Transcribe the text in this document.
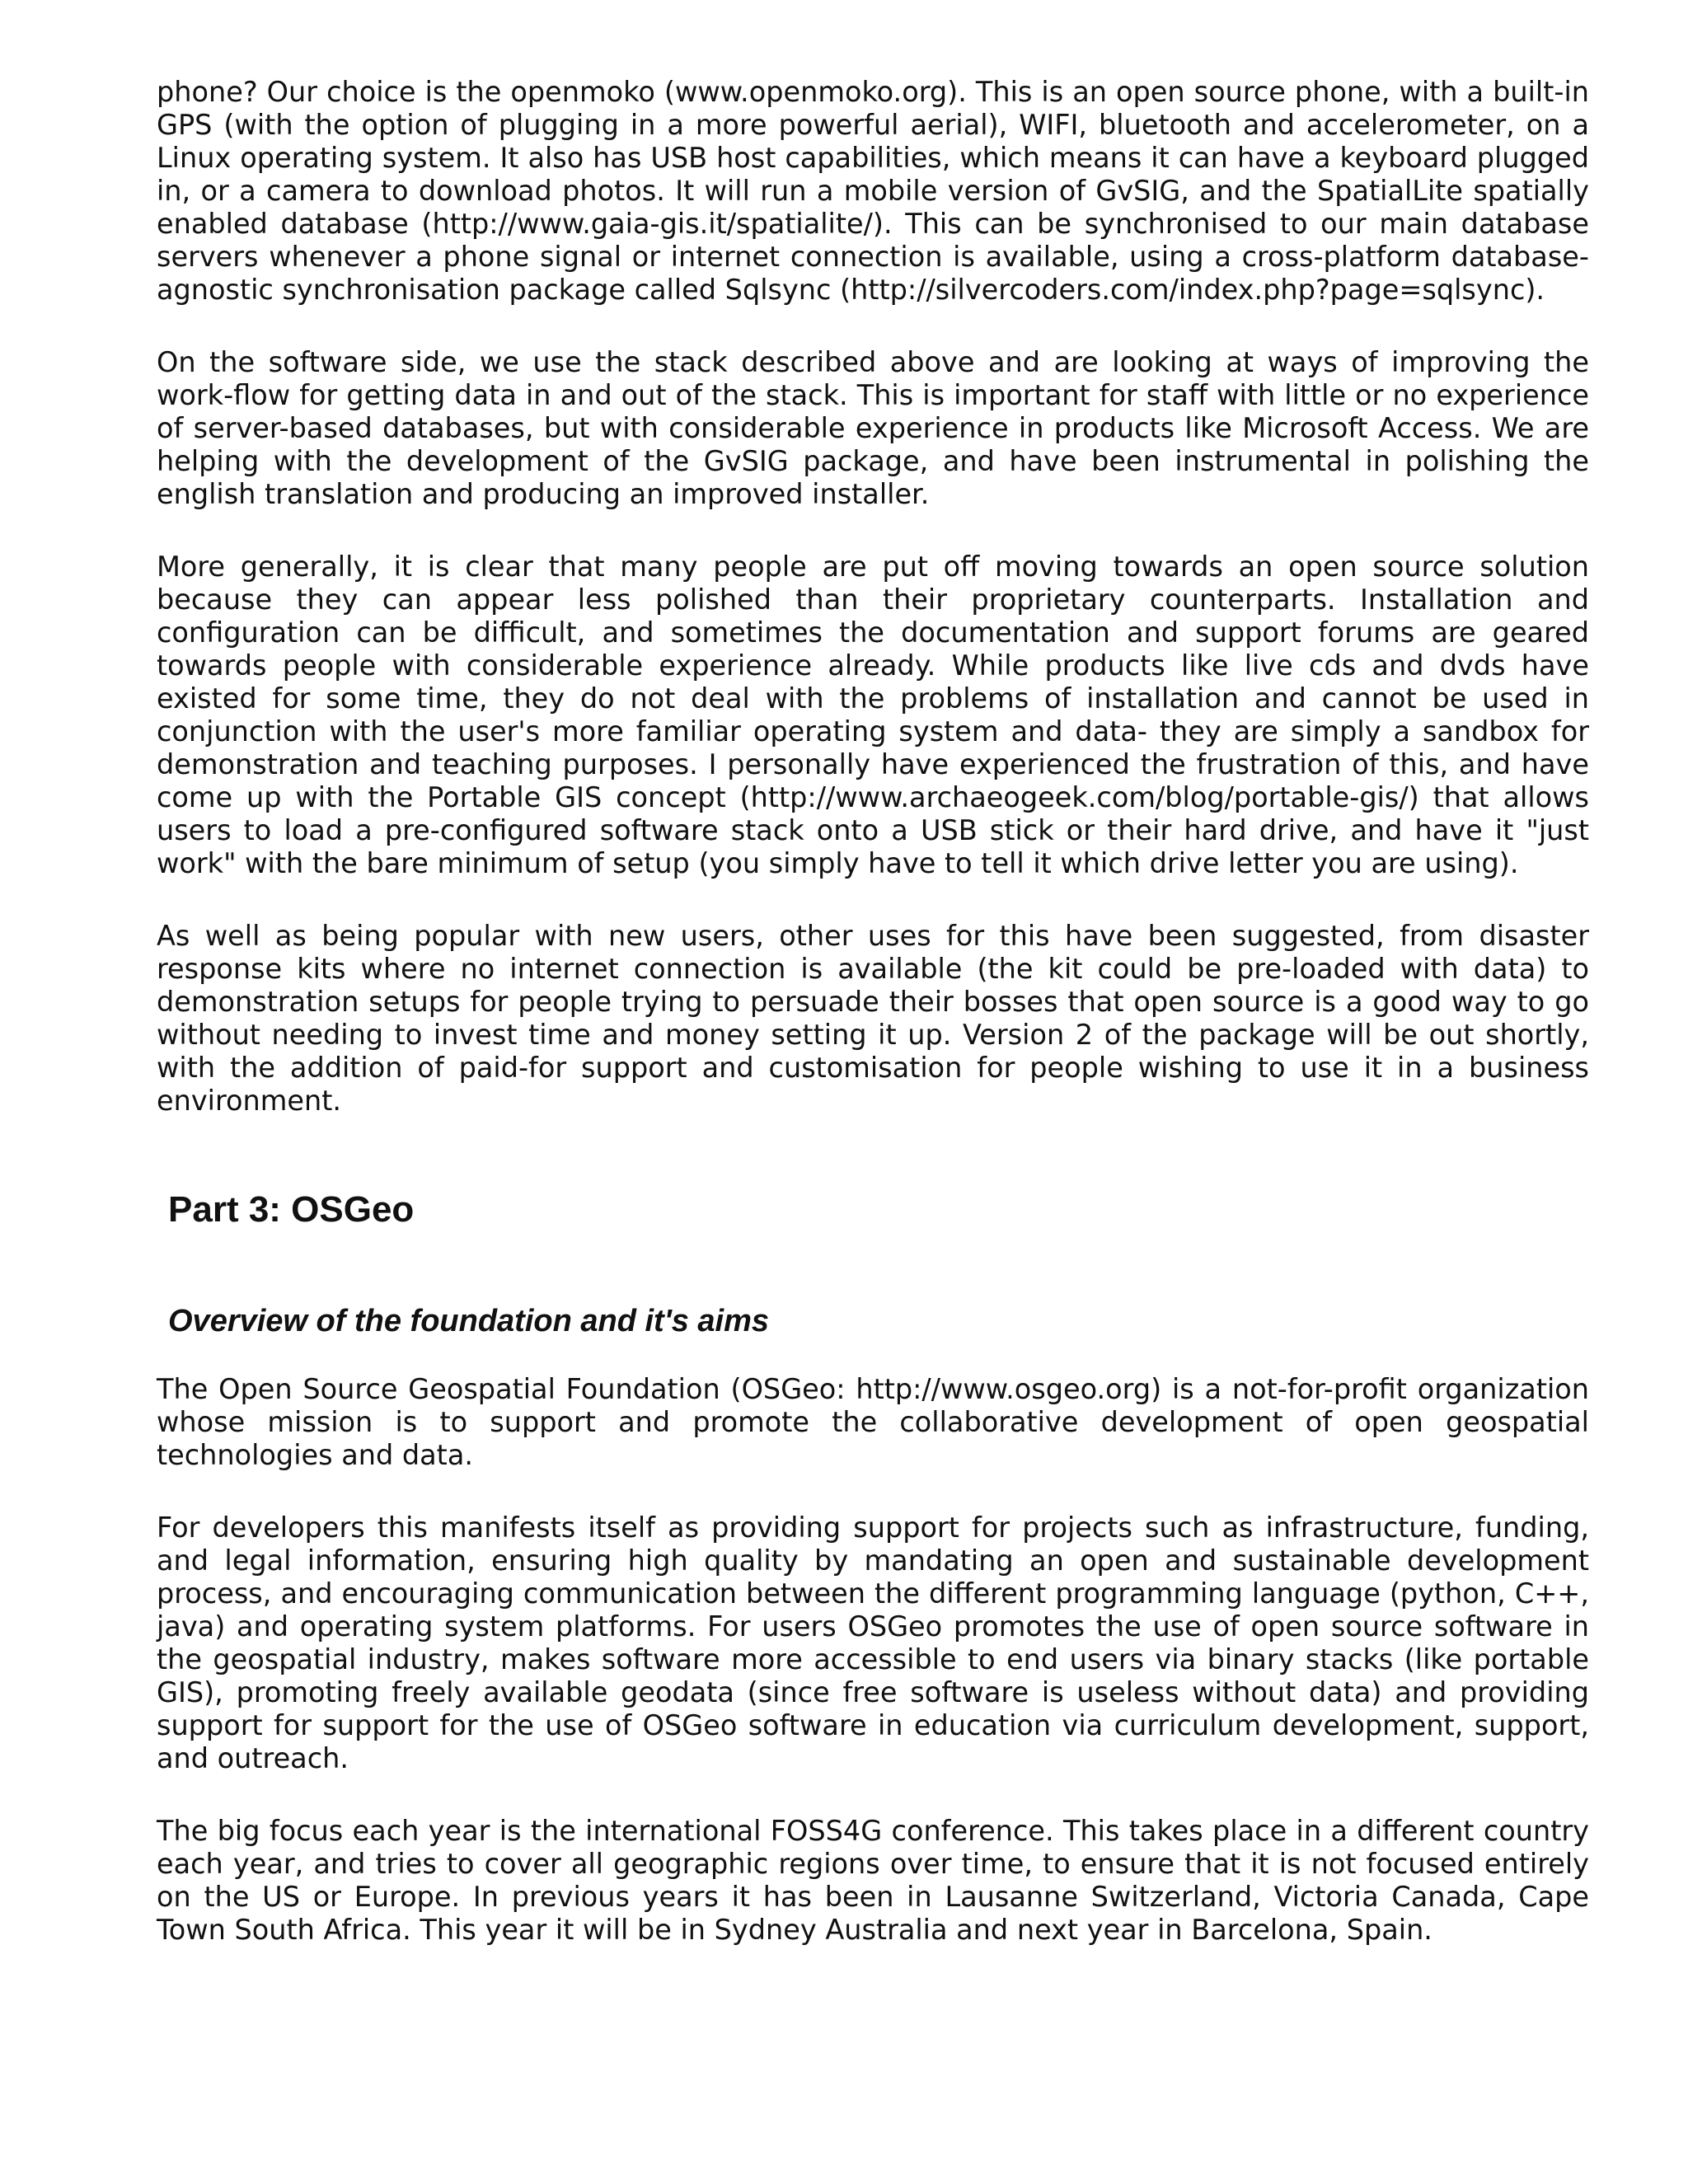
phone? Our choice is the openmoko (www.openmoko.org). This is an open source phone, with a built-in GPS (with the option of plugging in a more powerful aerial), WIFI, bluetooth and accelerometer, on a Linux operating system. It also has USB host capabilities, which means it can have a keyboard plugged in, or a camera to download photos. It will run a mobile version of GvSIG, and the SpatialLite spatially enabled database (http://www.gaia-gis.it/spatialite/). This can be synchronised to our main database servers whenever a phone signal or internet connection is available, using a cross-platform database-agnostic synchronisation package called Sqlsync (http://silvercoders.com/index.php?page=sqlsync).

On the software side, we use the stack described above and are looking at ways of improving the work-flow for getting data in and out of the stack. This is important for staff with little or no experience of server-based databases, but with considerable experience in products like Microsoft Access. We are helping with the development of the GvSIG package, and have been instrumental in polishing the english translation and producing an improved installer.

More generally, it is clear that many people are put off moving towards an open source solution because they can appear less polished than their proprietary counterparts. Installation and configuration can be difficult, and sometimes the documentation and support forums are geared towards people with considerable experience already. While products like live cds and dvds have existed for some time, they do not deal with the problems of installation and cannot be used in conjunction with the user's more familiar operating system and data- they are simply a sandbox for demonstration and teaching purposes. I personally have experienced the frustration of this, and have come up with the Portable GIS concept (http://www.archaeogeek.com/blog/portable-gis/) that allows users to load a pre-configured software stack onto a USB stick or their hard drive, and have it "just work" with the bare minimum of setup (you simply have to tell it which drive letter you are using).

As well as being popular with new users, other uses for this have been suggested, from disaster response kits where no internet connection is available (the kit could be pre-loaded with data) to demonstration setups for people trying to persuade their bosses that open source is a good way to go without needing to invest time and money setting it up. Version 2 of the package will be out shortly, with the addition of paid-for support and customisation for people wishing to use it in a business environment.

Part 3: OSGeo
Overview of the foundation and it's aims

The Open Source Geospatial Foundation (OSGeo: http://www.osgeo.org) is a not-for-profit organization whose mission is to support and promote the collaborative development of open geospatial technologies and data.

For developers this manifests itself as providing support for projects such as infrastructure, funding, and legal information, ensuring high quality by mandating an open and sustainable development process, and encouraging communication between the different programming language (python, C++, java) and operating system platforms. For users OSGeo promotes the use of open source software in the geospatial industry, makes software more accessible to end users via binary stacks (like portable GIS), promoting freely available geodata (since free software is useless without data) and providing support for support for the use of OSGeo software in education via curriculum development, support, and outreach.

The big focus each year is the international FOSS4G conference. This takes place in a different country each year, and tries to cover all geographic regions over time, to ensure that it is not focused entirely on the US or Europe. In previous years it has been in Lausanne Switzerland, Victoria Canada, Cape Town South Africa. This year it will be in Sydney Australia and next year in Barcelona, Spain.
